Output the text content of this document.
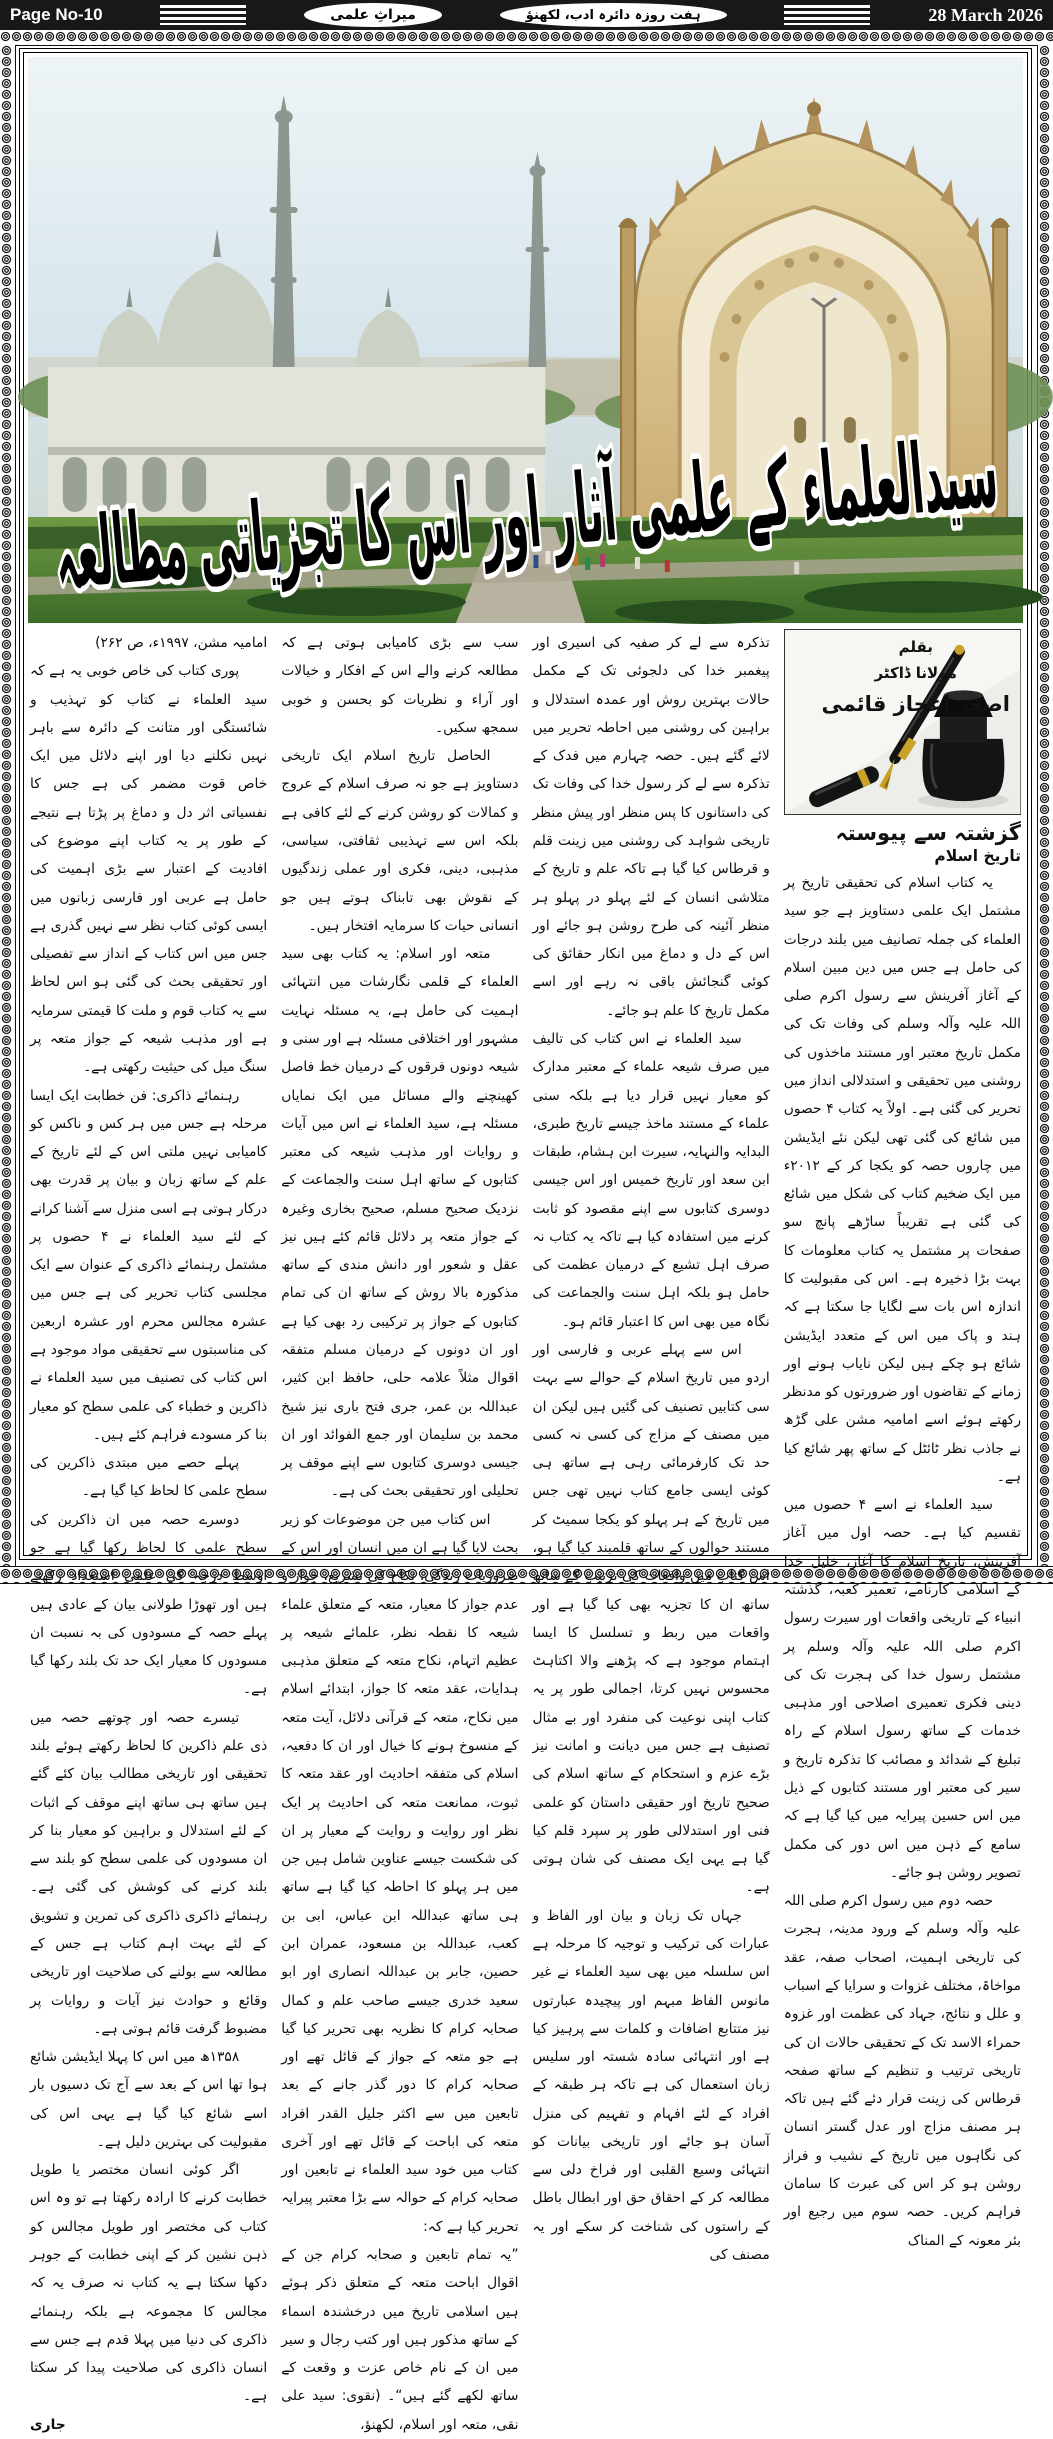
Page No-10	میراثِ علمی	ہفت روزہ دائرہ ادب، لکھنؤ	28 March 2026
بقلم
مولانا ڈاکٹر
اصغر اعجاز قائمی
گزشتہ سے پیوستہ
تاریخ اسلام

یہ کتاب اسلام کی تحقیقی تاریخ پر مشتمل ایک علمی دستاویز ہے جو سید العلماء کی جملہ تصانیف میں بلند درجات کی حامل ہے جس میں دین مبین اسلام کے آغاز آفرینش سے رسول اکرم صلی اللہ علیہ وآلہ وسلم کی وفات تک کی مکمل تاریخ معتبر اور مستند ماخذوں کی روشنی میں تحقیقی و استدلالی انداز میں تحریر کی گئی ہے۔ اولاً یہ کتاب ۴ حصوں میں شائع کی گئی تھی لیکن نئے ایڈیشن میں چاروں حصہ کو یکجا کر کے ۲۰۱۲ء میں ایک ضخیم کتاب کی شکل میں شائع کی گئی ہے تقریباً ساڑھے پانچ سو صفحات پر مشتمل یہ کتاب معلومات کا بہت بڑا ذخیرہ ہے۔ اس کی مقبولیت کا اندازہ اس بات سے لگایا جا سکتا ہے کہ ہند و پاک میں اس کے متعدد ایڈیشن شائع ہو چکے ہیں لیکن نایاب ہونے اور زمانے کے تقاضوں اور ضرورتوں کو مدنظر رکھتے ہوئے اسے امامیہ مشن علی گڑھ نے جاذب نظر ٹائٹل کے ساتھ پھر شائع کیا ہے۔

سید العلماء نے اسے ۴ حصوں میں تقسیم کیا ہے۔ حصہ اول میں آغاز آفرینش، تاریخ اسلام کا آغاز، خلیل خدا کے اسلامی کارنامے، تعمیر کعبہ، گذشتہ انبیاء کے تاریخی واقعات اور سیرت رسول اکرم صلی اللہ علیہ وآلہ وسلم پر مشتمل رسول خدا کی ہجرت تک کی دینی فکری تعمیری اصلاحی اور مذہبی خدمات کے ساتھ رسول اسلام کے راہ تبلیغ کے شدائد و مصائب کا تذکرہ تاریخ و سیر کی معتبر اور مستند کتابوں کے ذیل میں اس حسین پیرایہ میں کیا گیا ہے کہ سامع کے ذہن میں اس دور کی مکمل تصویر روشن ہو جائے۔

حصہ دوم میں رسول اکرم صلی اللہ علیہ وآلہ وسلم کے ورود مدینہ، ہجرت کی تاریخی اہمیت، اصحاب صفہ، عقد مواخاۃ، مختلف غزوات و سرایا کے اسباب و علل و نتائج، جہاد کی عظمت اور غزوہ حمراء الاسد تک کے تحقیقی حالات ان کی تاریخی ترتیب و تنظیم کے ساتھ صفحہ قرطاس کی زینت قرار دئے گئے ہیں تاکہ ہر مصنف مزاج اور عدل گستر انسان کی نگاہوں میں تاریخ کے نشیب و فراز روشن ہو کر اس کی عبرت کا سامان فراہم کریں۔ حصہ سوم میں رجیع اور بئر معونہ کے المناک

تذکرہ سے لے کر صفیہ کی اسیری اور پیغمبر خدا کی دلجوئی تک کے مکمل حالات بہترین روش اور عمدہ استدلال و براہین کی روشنی میں احاطہ تحریر میں لائے گئے ہیں۔ حصہ چہارم میں فدک کے تذکرہ سے لے کر رسول خدا کی وفات تک کی داستانوں کا پس منظر اور پیش منظر تاریخی شواہد کی روشنی میں زینت قلم و قرطاس کیا گیا ہے تاکہ علم و تاریخ کے متلاشی انسان کے لئے پہلو در پہلو ہر منظر آئینہ کی طرح روشن ہو جائے اور اس کے دل و دماغ میں انکار حقائق کی کوئی گنجائش باقی نہ رہے اور اسے مکمل تاریخ کا علم ہو جائے۔

سید العلماء نے اس کتاب کی تالیف میں صرف شیعہ علماء کے معتبر مدارک کو معیار نہیں قرار دیا ہے بلکہ سنی علماء کے مستند ماخذ جیسے تاریخ طبری، البدایہ والنہایہ، سیرت ابن ہشام، طبقات ابن سعد اور تاریخ خمیس اور اس جیسی دوسری کتابوں سے اپنے مقصود کو ثابت کرنے میں استفادہ کیا ہے تاکہ یہ کتاب نہ صرف اہل تشیع کے درمیان عظمت کی حامل ہو بلکہ اہل سنت والجماعت کی نگاہ میں بھی اس کا اعتبار قائم ہو۔

اس سے پہلے عربی و فارسی اور اردو میں تاریخ اسلام کے حوالے سے بہت سی کتابیں تصنیف کی گئیں ہیں لیکن ان میں مصنف کے مزاج کی کسی نہ کسی حد تک کارفرمائی رہی ہے ساتھ ہی کوئی ایسی جامع کتاب نہیں تھی جس میں تاریخ کے ہر پہلو کو یکجا سمیٹ کر مستند حوالوں کے ساتھ قلمبند کیا گیا ہو، اس کتاب میں واقعات کی ترتیب کے ساتھ ساتھ ان کا تجزیہ بھی کیا گیا ہے اور واقعات میں ربط و تسلسل کا ایسا اہتمام موجود ہے کہ پڑھنے والا اکتاہٹ محسوس نہیں کرتا، اجمالی طور پر یہ کتاب اپنی نوعیت کی منفرد اور بے مثال تصنیف ہے جس میں دیانت و امانت نیز بڑے عزم و استحکام کے ساتھ اسلام کی صحیح تاریخ اور حقیقی داستان کو علمی فنی اور استدلالی طور پر سپرد قلم کیا گیا ہے یہی ایک مصنف کی شان ہوتی ہے۔

جہاں تک زبان و بیان اور الفاظ و عبارات کی ترکیب و توجیہ کا مرحلہ ہے اس سلسلہ میں بھی سید العلماء نے غیر مانوس الفاظ مبہم اور پیچیدہ عبارتوں نیز متتابع اضافات و کلمات سے پرہیز کیا ہے اور انتہائی سادہ شستہ اور سلیس زبان استعمال کی ہے تاکہ ہر طبقہ کے افراد کے لئے افہام و تفہیم کی منزل آسان ہو جائے اور تاریخی بیانات کو انتہائی وسیع القلبی اور فراخ دلی سے مطالعہ کر کے احقاق حق اور ابطال باطل کے راستوں کی شناخت کر سکے اور یہ مصنف کی

سب سے بڑی کامیابی ہوتی ہے کہ مطالعہ کرنے والے اس کے افکار و خیالات اور آراء و نظریات کو بحسن و خوبی سمجھ سکیں۔

الحاصل تاریخ اسلام ایک تاریخی دستاویز ہے جو نہ صرف اسلام کے عروج و کمالات کو روشن کرنے کے لئے کافی ہے بلکہ اس سے تہذیبی ثقافتی، سیاسی، مذہبی، دینی، فکری اور عملی زندگیوں کے نقوش بھی تابناک ہوتے ہیں جو انسانی حیات کا سرمایہ افتخار ہیں۔

متعہ اور اسلام: یہ کتاب بھی سید العلماء کے قلمی نگارشات میں انتہائی اہمیت کی حامل ہے، یہ مسئلہ نہایت مشہور اور اختلافی مسئلہ ہے اور سنی و شیعہ دونوں فرقوں کے درمیان خط فاصل کھینچنے والے مسائل میں ایک نمایاں مسئلہ ہے، سید العلماء نے اس میں آیات و روایات اور مذہب شیعہ کی معتبر کتابوں کے ساتھ اہل سنت والجماعت کے نزدیک صحیح مسلم، صحیح بخاری وغیرہ کے جواز متعہ پر دلائل قائم کئے ہیں نیز عقل و شعور اور دانش مندی کے ساتھ مذکورہ بالا روش کے ساتھ ان کی تمام کتابوں کے جواز پر ترکیبی رد بھی کیا ہے اور ان دونوں کے درمیان مسلم متفقہ اقوال مثلاً علامہ حلی، حافظ ابن کثیر، عبداللہ بن عمر، جری فتح باری نیز شیخ محمد بن سلیمان اور جمع الفوائد اور ان جیسی دوسری کتابوں سے اپنے موقف پر تحلیلی اور تحقیقی بحث کی ہے۔

اس کتاب میں جن موضوعات کو زیر بحث لایا گیا ہے ان میں انسان اور اس کے ضروریات زندگی، نکاح کی تشریع، جواز و عدم جواز کا معیار، متعہ کے متعلق علماء شیعہ کا نقطہ نظر، علمائے شیعہ پر عظیم اتہام، نکاح متعہ کے متعلق مذہبی ہدایات، عقد متعہ کا جواز، ابتدائے اسلام میں نکاح، متعہ کے قرآنی دلائل، آیت متعہ کے منسوخ ہونے کا خیال اور ان کا دفعیہ، اسلام کی متفقہ احادیث اور عقد متعہ کا ثبوت، ممانعت متعہ کی احادیث پر ایک نظر اور روایت و روایت کے معیار پر ان کی شکست جیسے عناوین شامل ہیں جن میں ہر پہلو کا احاطہ کیا گیا ہے ساتھ ہی ساتھ عبداللہ ابن عباس، ابی بن کعب، عبداللہ بن مسعود، عمران ابن حصین، جابر بن عبداللہ انصاری اور ابو سعید خدری جیسے صاحب علم و کمال صحابہ کرام کا نظریہ بھی تحریر کیا گیا ہے جو متعہ کے جواز کے قائل تھے اور صحابہ کرام کا دور گذر جانے کے بعد تابعین میں سے اکثر جلیل القدر افراد متعہ کی اباحت کے قائل تھے اور آخری کتاب میں خود سید العلماء نے تابعین اور صحابہ کرام کے حوالہ سے بڑا معتبر پیرایہ تحریر کیا ہے کہ:

”یہ تمام تابعین و صحابہ کرام جن کے اقوال اباحت متعہ کے متعلق ذکر ہوئے ہیں اسلامی تاریخ میں درخشندہ اسماء کے ساتھ مذکور ہیں اور کتب رجال و سیر میں ان کے نام خاص عزت و وقعت کے ساتھ لکھے گئے ہیں“۔ (نقوی: سید علی نقی، متعہ اور اسلام، لکھنؤ،

امامیہ مشن، ۱۹۹۷ء، ص ۲۶۲)

پوری کتاب کی خاص خوبی یہ ہے کہ سید العلماء نے کتاب کو تہذیب و شائستگی اور متانت کے دائرہ سے باہر نہیں نکلنے دیا اور اپنے دلائل میں ایک خاص قوت مضمر کی ہے جس کا نفسیاتی اثر دل و دماغ پر پڑتا ہے نتیجے کے طور پر یہ کتاب اپنے موضوع کی افادیت کے اعتبار سے بڑی اہمیت کی حامل ہے عربی اور فارسی زبانوں میں ایسی کوئی کتاب نظر سے نہیں گذری ہے جس میں اس کتاب کے انداز سے تفصیلی اور تحقیقی بحث کی گئی ہو اس لحاظ سے یہ کتاب قوم و ملت کا قیمتی سرمایہ ہے اور مذہب شیعہ کے جواز متعہ پر سنگ میل کی حیثیت رکھتی ہے۔

رہنمائے ذاکری: فن خطابت ایک ایسا مرحلہ ہے جس میں ہر کس و ناکس کو کامیابی نہیں ملتی اس کے لئے تاریخ کے علم کے ساتھ زبان و بیان پر قدرت بھی درکار ہوتی ہے اسی منزل سے آشنا کرانے کے لئے سید العلماء نے ۴ حصوں پر مشتمل رہنمائے ذاکری کے عنوان سے ایک مجلسی کتاب تحریر کی ہے جس میں عشرہ مجالس محرم اور عشرہ اربعین کی مناسبتوں سے تحقیقی مواد موجود ہے اس کتاب کی تصنیف میں سید العلماء نے ذاکرین و خطباء کی علمی سطح کو معیار بنا کر مسودے فراہم کئے ہیں۔

پہلے حصے میں مبتدی ذاکرین کی سطح علمی کا لحاظ کیا گیا ہے۔

دوسرے حصہ میں ان ذاکرین کی سطح علمی کا لحاظ رکھا گیا ہے جو اوسط درجہ کی علمی استعداد رکھتے ہیں اور تھوڑا طولانی بیان کے عادی ہیں پہلے حصہ کے مسودوں کی بہ نسبت ان مسودوں کا معیار ایک حد تک بلند رکھا گیا ہے۔

تیسرے حصہ اور چوتھے حصہ میں ذی علم ذاکرین کا لحاظ رکھتے ہوئے بلند تحقیقی اور تاریخی مطالب بیان کئے گئے ہیں ساتھ ہی ساتھ اپنے موقف کے اثبات کے لئے استدلال و براہین کو معیار بنا کر ان مسودوں کی علمی سطح کو بلند سے بلند کرنے کی کوشش کی گئی ہے۔ رہنمائے ذاکری ذاکری کی تمرین و تشویق کے لئے بہت اہم کتاب ہے جس کے مطالعہ سے بولنے کی صلاحیت اور تاریخی وقائع و حوادث نیز آیات و روایات پر مضبوط گرفت قائم ہوتی ہے۔

۱۳۵۸ھ میں اس کا پہلا ایڈیشن شائع ہوا تھا اس کے بعد سے آج تک دسیوں بار اسے شائع کیا گیا ہے یہی اس کی مقبولیت کی بہترین دلیل ہے۔

اگر کوئی انسان مختصر یا طویل خطابت کرنے کا ارادہ رکھتا ہے تو وہ اس کتاب کی مختصر اور طویل مجالس کو ذہن نشین کر کے اپنی خطابت کے جوہر دکھا سکتا ہے یہ کتاب نہ صرف یہ کہ مجالس کا مجموعہ ہے بلکہ رہنمائے ذاکری کی دنیا میں پہلا قدم ہے جس سے انسان ذاکری کی صلاحیت پیدا کر سکتا ہے۔

جاری
